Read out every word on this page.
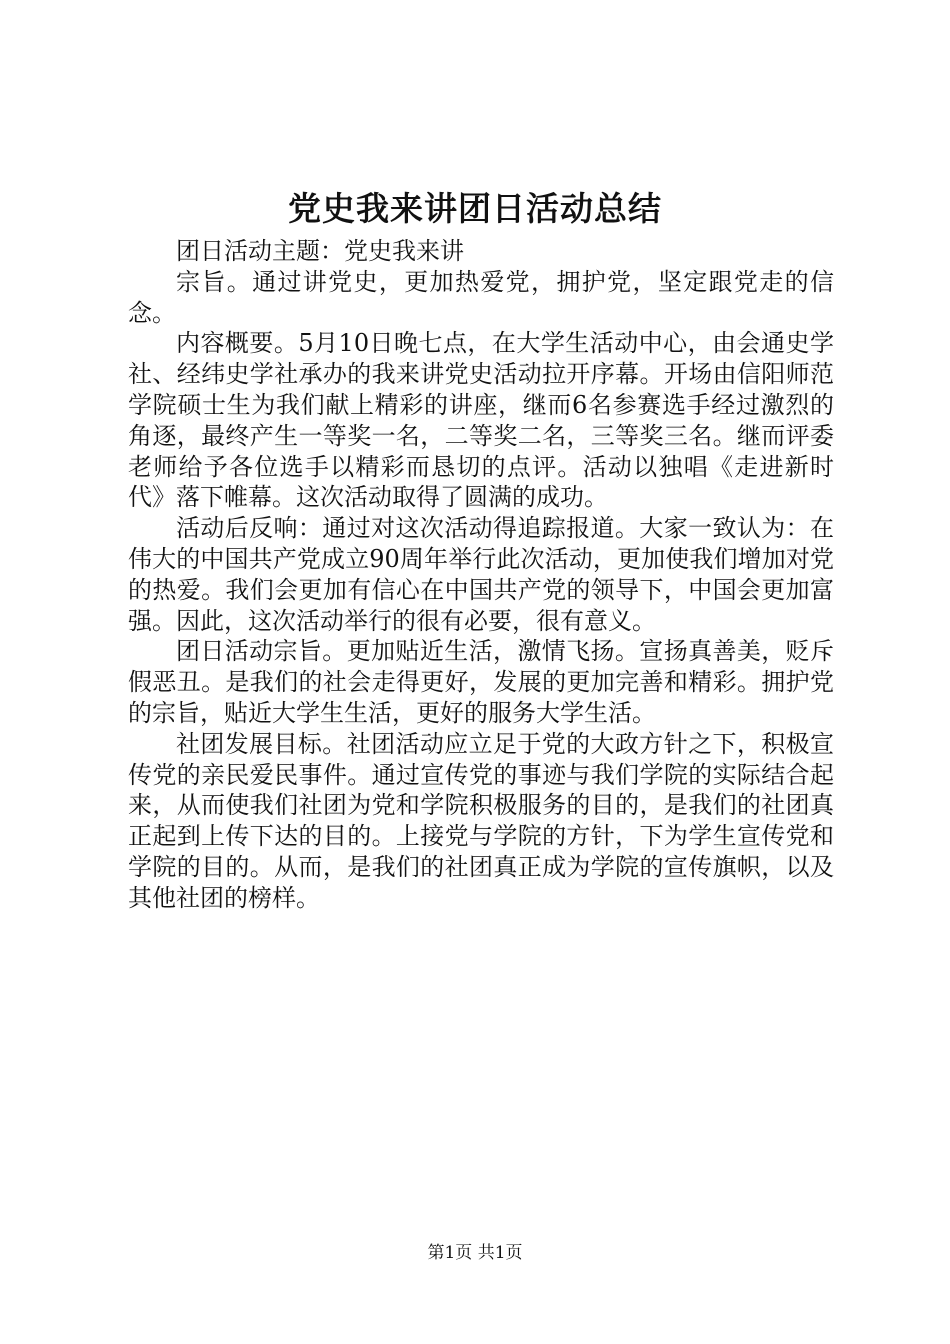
党史我来讲团日活动总结

团日活动主题：党史我来讲

宗旨。通过讲党史，更加热爱党，拥护党，坚定跟党走的信念。

内容概要。5月10日晚七点，在大学生活动中心，由会通史学社、经纬史学社承办的我来讲党史活动拉开序幕。开场由信阳师范学院硕士生为我们献上精彩的讲座，继而6名参赛选手经过激烈的角逐，最终产生一等奖一名，二等奖二名，三等奖三名。继而评委老师给予各位选手以精彩而恳切的点评。活动以独唱《走进新时代》落下帷幕。这次活动取得了圆满的成功。

活动后反响：通过对这次活动得追踪报道。大家一致认为：在伟大的中国共产党成立90周年举行此次活动，更加使我们增加对党的热爱。我们会更加有信心在中国共产党的领导下，中国会更加富强。因此，这次活动举行的很有必要，很有意义。

团日活动宗旨。更加贴近生活，激情飞扬。宣扬真善美，贬斥假恶丑。是我们的社会走得更好，发展的更加完善和精彩。拥护党的宗旨，贴近大学生生活，更好的服务大学生活。

社团发展目标。社团活动应立足于党的大政方针之下，积极宣传党的亲民爱民事件。通过宣传党的事迹与我们学院的实际结合起来，从而使我们社团为党和学院积极服务的目的，是我们的社团真正起到上传下达的目的。上接党与学院的方针，下为学生宣传党和学院的目的。从而，是我们的社团真正成为学院的宣传旗帜，以及其他社团的榜样。

第1页 共1页
